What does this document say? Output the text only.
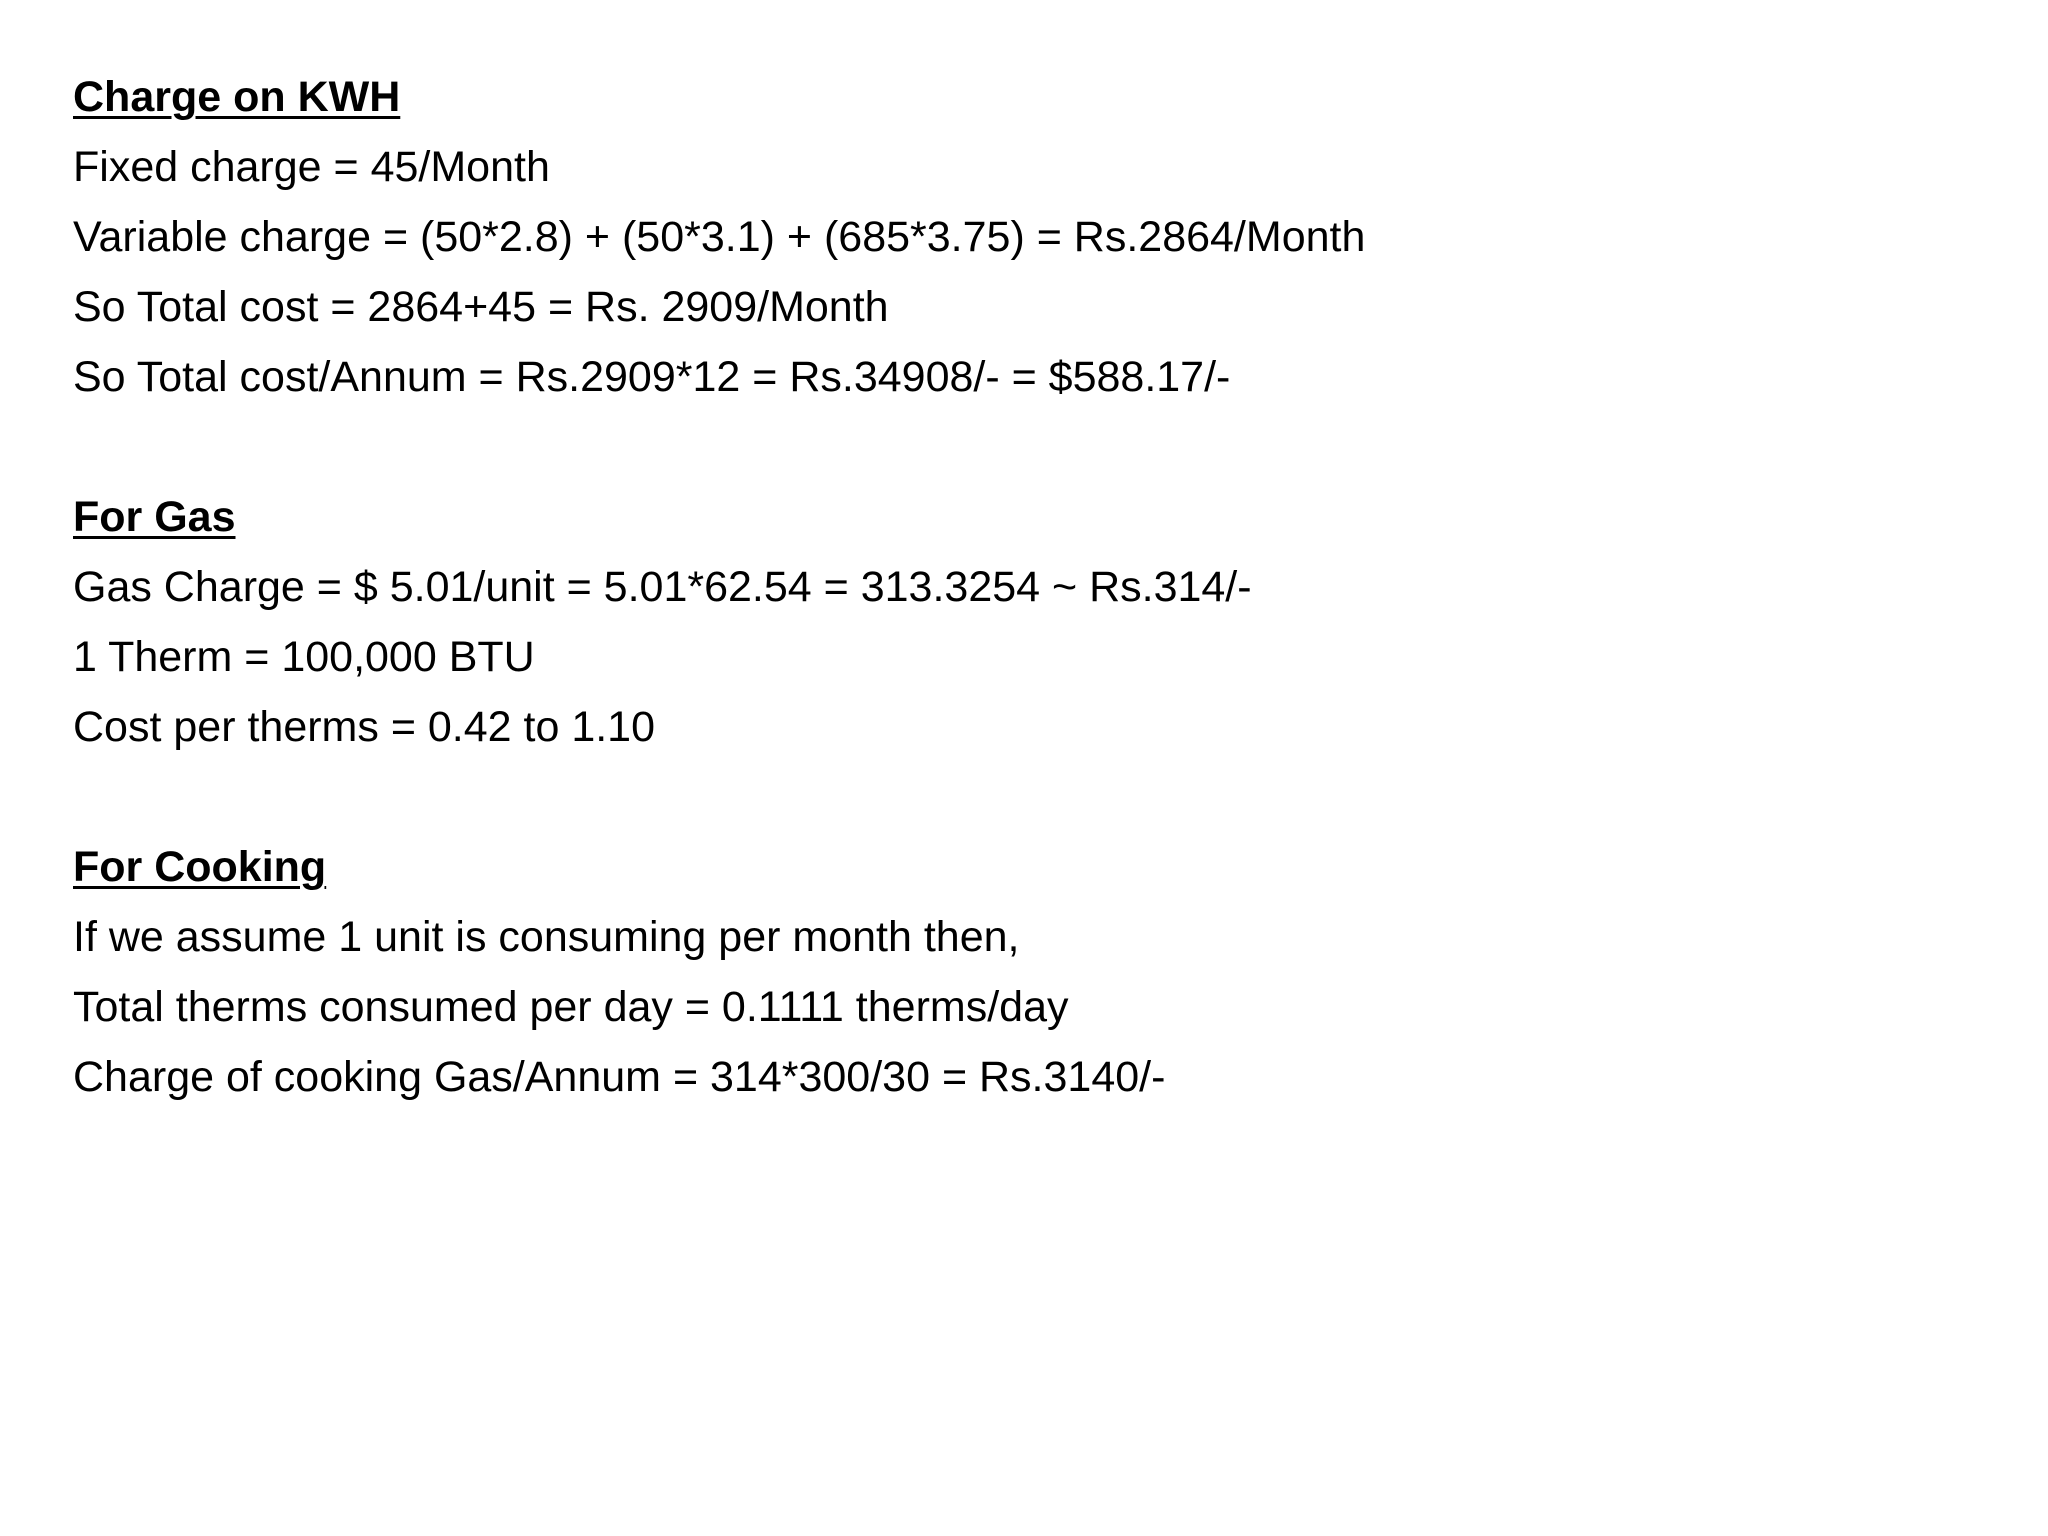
Charge on KWH
Fixed charge = 45/Month
Variable charge = (50*2.8) + (50*3.1) + (685*3.75) = Rs.2864/Month
So Total cost = 2864+45 = Rs. 2909/Month
So Total cost/Annum = Rs.2909*12 = Rs.34908/- = $588.17/-
For Gas
Gas Charge = $ 5.01/unit = 5.01*62.54 = 313.3254 ~ Rs.314/-
1 Therm = 100,000 BTU
Cost per therms = 0.42 to 1.10
For Cooking
If we assume 1 unit is consuming per month then,
Total therms consumed per day = 0.1111 therms/day
Charge of cooking Gas/Annum = 314*300/30 = Rs.3140/-
